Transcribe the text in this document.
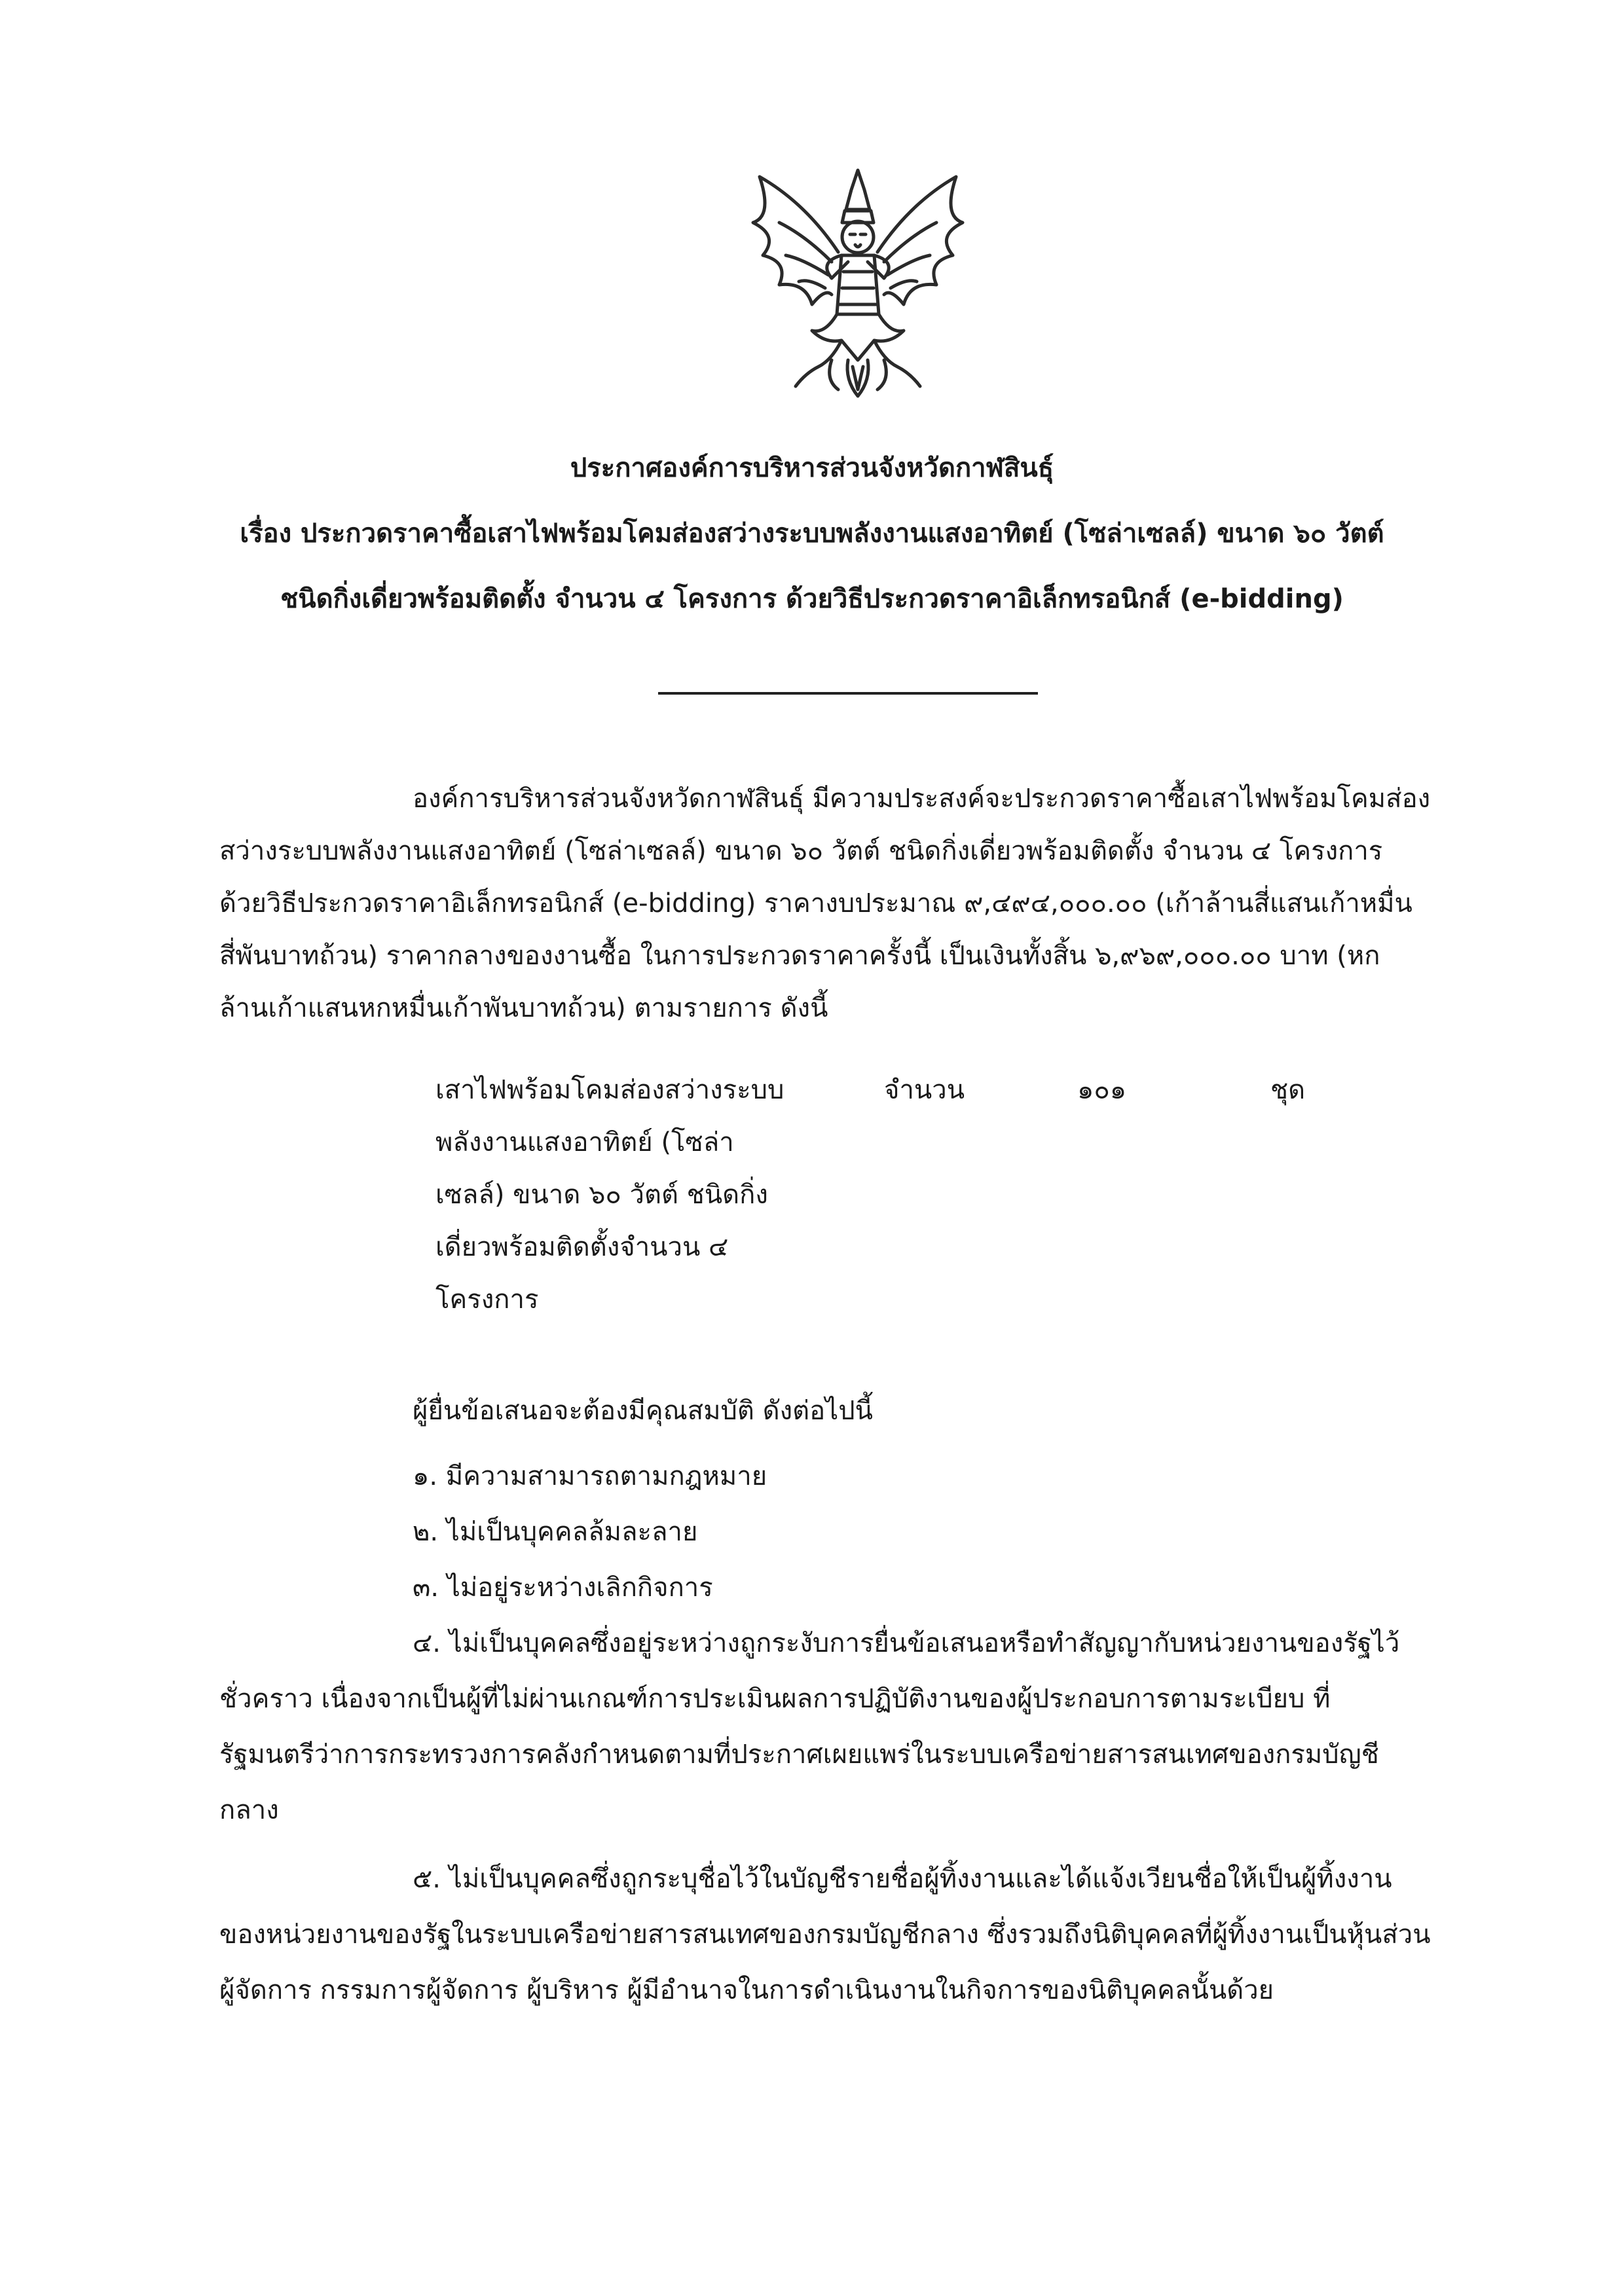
ประกาศองค์การบริหารส่วนจังหวัดกาฬสินธุ์
เรื่อง ประกวดราคาซื้อเสาไฟพร้อมโคมส่องสว่างระบบพลังงานแสงอาทิตย์ (โซล่าเซลล์) ขนาด ๖๐ วัตต์
ชนิดกิ่งเดี่ยวพร้อมติดตั้ง จำนวน ๔ โครงการ ด้วยวิธีประกวดราคาอิเล็กทรอนิกส์ (e-bidding)
องค์การบริหารส่วนจังหวัดกาฬสินธุ์ มีความประสงค์จะประกวดราคาซื้อเสาไฟพร้อมโคมส่อง
สว่างระบบพลังงานแสงอาทิตย์ (โซล่าเซลล์) ขนาด ๖๐ วัตต์ ชนิดกิ่งเดี่ยวพร้อมติดตั้ง จำนวน ๔ โครงการ
ด้วยวิธีประกวดราคาอิเล็กทรอนิกส์ (e-bidding) ราคางบประมาณ ๙,๔๙๔,๐๐๐.๐๐ (เก้าล้านสี่แสนเก้าหมื่น
สี่พันบาทถ้วน) ราคากลางของงานซื้อ ในการประกวดราคาครั้งนี้ เป็นเงินทั้งสิ้น ๖,๙๖๙,๐๐๐.๐๐ บาท (หก
ล้านเก้าแสนหกหมื่นเก้าพันบาทถ้วน) ตามรายการ ดังนี้
เสาไฟพร้อมโคมส่องสว่างระบบ	จำนวน	๑๐๑	ชุด
พลังงานแสงอาทิตย์ (โซล่า
เซลล์) ขนาด ๖๐ วัตต์ ชนิดกิ่ง
เดี่ยวพร้อมติดตั้งจำนวน ๔
โครงการ
ผู้ยื่นข้อเสนอจะต้องมีคุณสมบัติ ดังต่อไปนี้
๑. มีความสามารถตามกฎหมาย
๒. ไม่เป็นบุคคลล้มละลาย
๓. ไม่อยู่ระหว่างเลิกกิจการ
๔. ไม่เป็นบุคคลซึ่งอยู่ระหว่างถูกระงับการยื่นข้อเสนอหรือทำสัญญากับหน่วยงานของรัฐไว้
ชั่วคราว เนื่องจากเป็นผู้ที่ไม่ผ่านเกณฑ์การประเมินผลการปฏิบัติงานของผู้ประกอบการตามระเบียบ ที่
รัฐมนตรีว่าการกระทรวงการคลังกำหนดตามที่ประกาศเผยแพร่ในระบบเครือข่ายสารสนเทศของกรมบัญชี
กลาง
๕. ไม่เป็นบุคคลซึ่งถูกระบุชื่อไว้ในบัญชีรายชื่อผู้ทิ้งงานและได้แจ้งเวียนชื่อให้เป็นผู้ทิ้งงาน
ของหน่วยงานของรัฐในระบบเครือข่ายสารสนเทศของกรมบัญชีกลาง ซึ่งรวมถึงนิติบุคคลที่ผู้ทิ้งงานเป็นหุ้นส่วน
ผู้จัดการ กรรมการผู้จัดการ ผู้บริหาร ผู้มีอำนาจในการดำเนินงานในกิจการของนิติบุคคลนั้นด้วย
